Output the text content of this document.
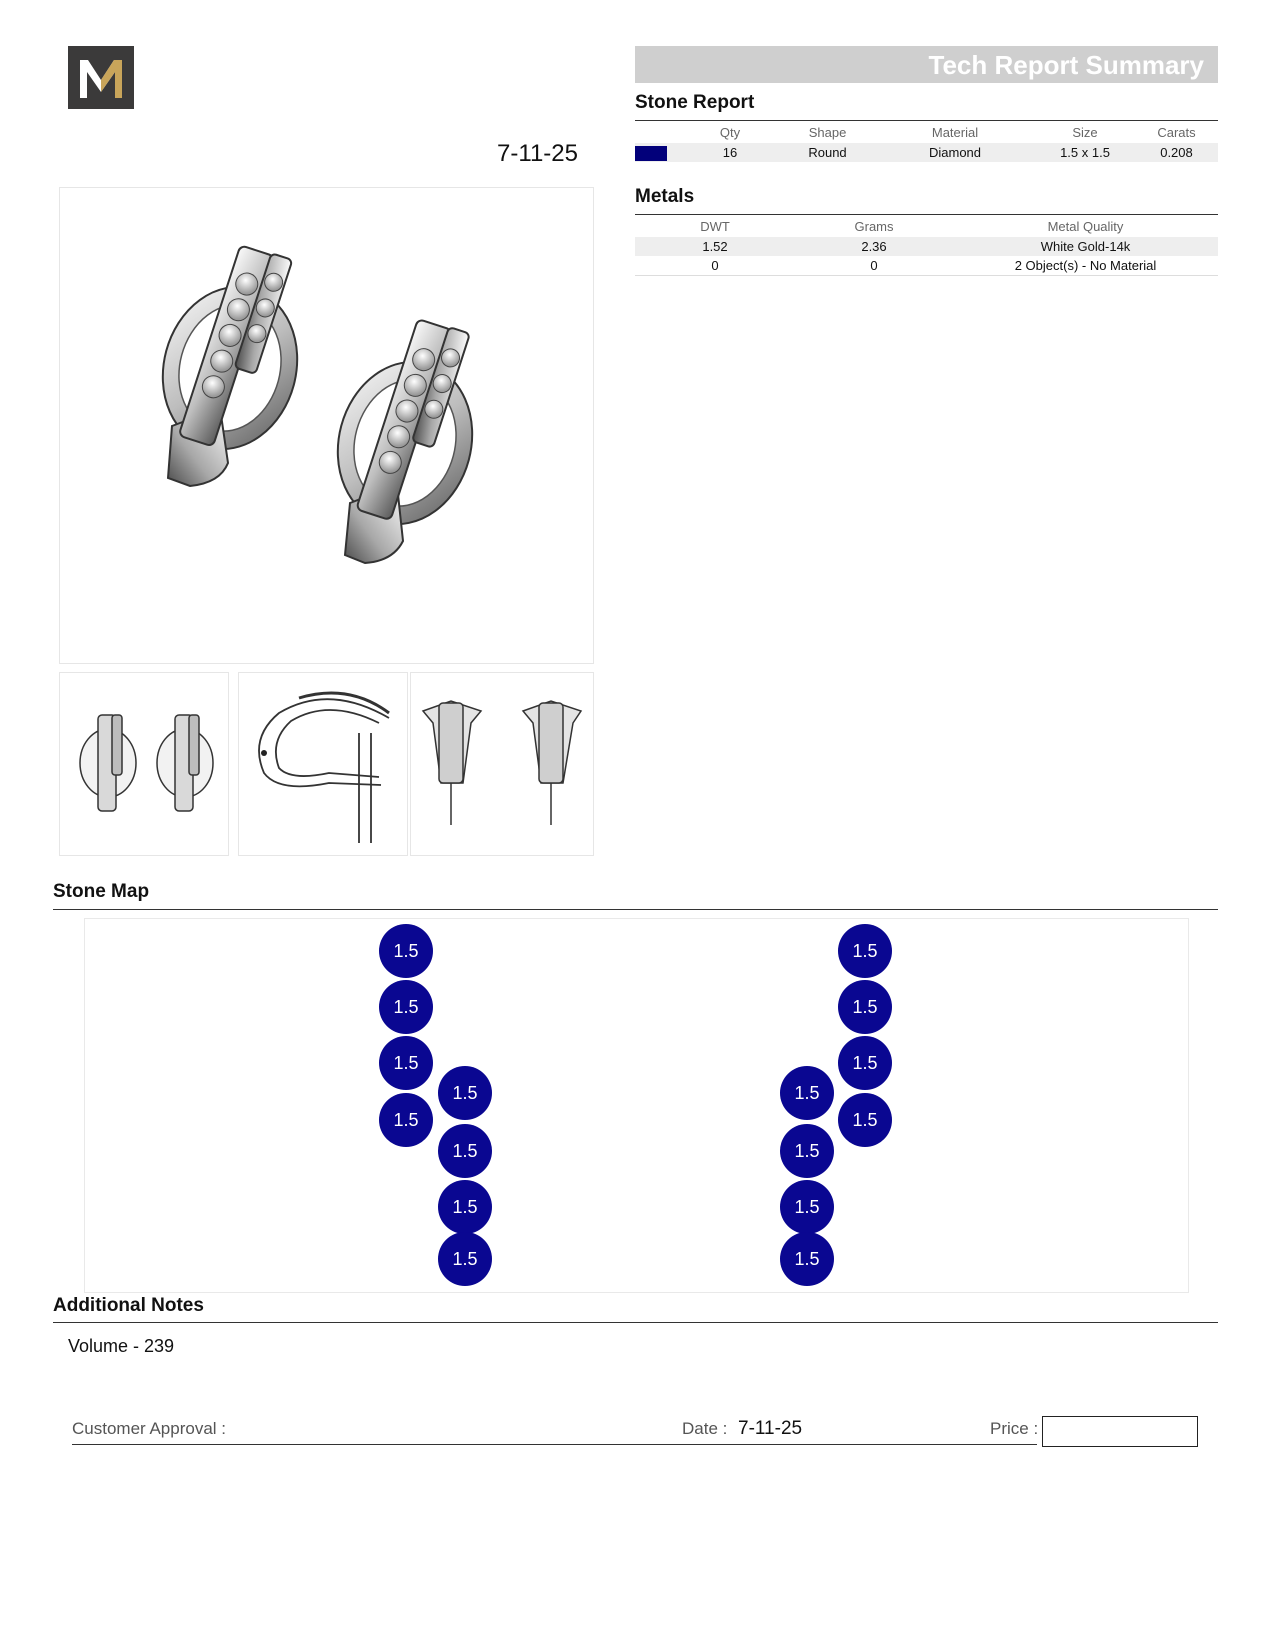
7-11-25
Tech Report Summary
Stone Report
	Qty	Shape	Material	Size	Carats
	16	Round	Diamond	1.5 x 1.5	0.208
Metals
DWT	Grams	Metal Quality
1.52	2.36	White Gold-14k
0	0	2 Object(s) - No Material
Stone Map
1.5
1.5
1.5
1.5
1.5
1.5
1.5
1.5
1.5
1.5
1.5
1.5
1.5
1.5
1.5
1.5
Additional Notes
Volume - 239
Customer Approval :	Date : 7-11-25	Price :
